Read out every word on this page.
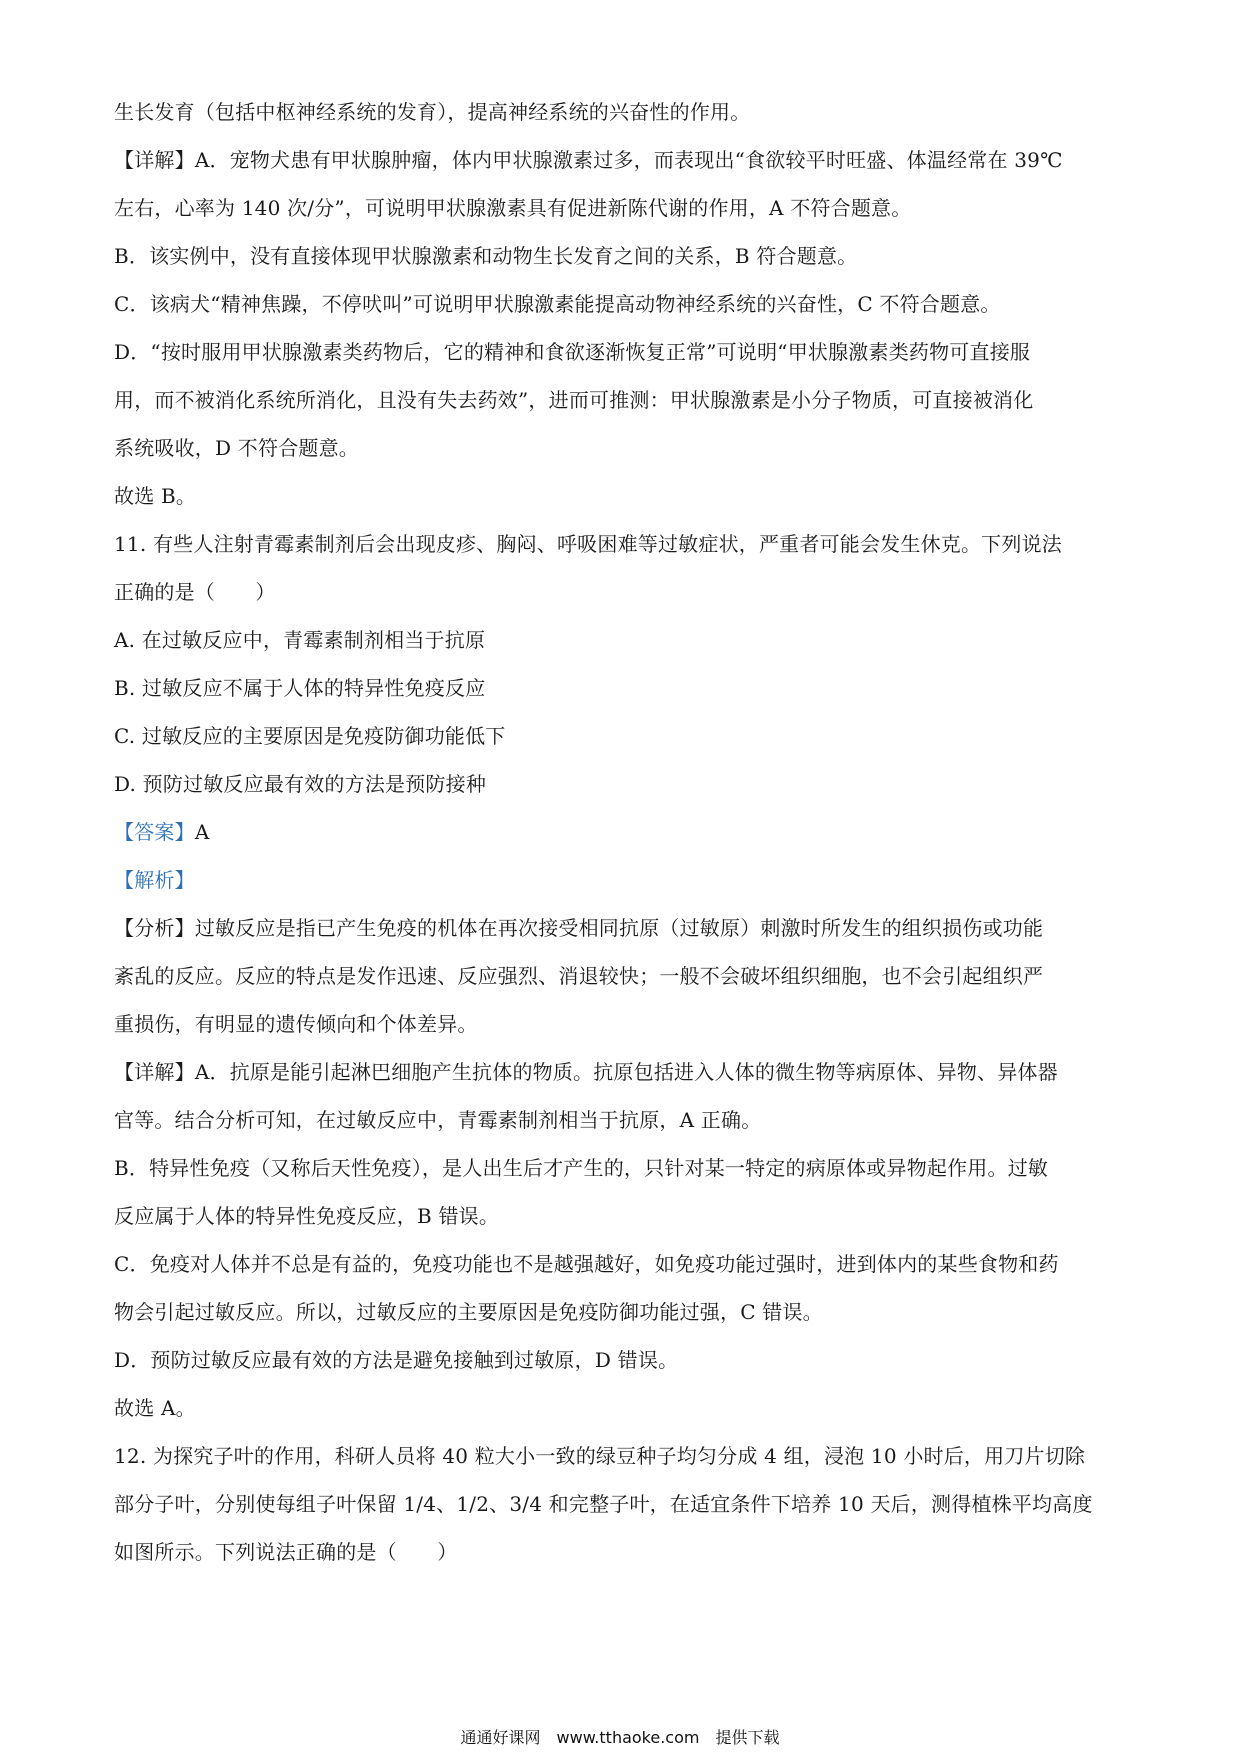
生长发育（包括中枢神经系统的发育），提高神经系统的兴奋性的作用。
【详解】A．宠物犬患有甲状腺肿瘤，体内甲状腺激素过多，而表现出“食欲较平时旺盛、体温经常在 39℃
左右，心率为 140 次/分”，可说明甲状腺激素具有促进新陈代谢的作用，A 不符合题意。
B．该实例中，没有直接体现甲状腺激素和动物生长发育之间的关系，B 符合题意。
C．该病犬“精神焦躁，不停吠叫”可说明甲状腺激素能提高动物神经系统的兴奋性，C 不符合题意。
D．“按时服用甲状腺激素类药物后，它的精神和食欲逐渐恢复正常”可说明“甲状腺激素类药物可直接服
用，而不被消化系统所消化，且没有失去药效”，进而可推测：甲状腺激素是小分子物质，可直接被消化
系统吸收，D 不符合题意。
故选 B。
11. 有些人注射青霉素制剂后会出现皮疹、胸闷、呼吸困难等过敏症状，严重者可能会发生休克。下列说法
正确的是（　　）
A. 在过敏反应中，青霉素制剂相当于抗原
B. 过敏反应不属于人体的特异性免疫反应
C. 过敏反应的主要原因是免疫防御功能低下
D. 预防过敏反应最有效的方法是预防接种
【答案】A
【解析】
【分析】过敏反应是指已产生免疫的机体在再次接受相同抗原（过敏原）刺激时所发生的组织损伤或功能
紊乱的反应。反应的特点是发作迅速、反应强烈、消退较快；一般不会破坏组织细胞，也不会引起组织严
重损伤，有明显的遗传倾向和个体差异。
【详解】A．抗原是能引起淋巴细胞产生抗体的物质。抗原包括进入人体的微生物等病原体、异物、异体器
官等。结合分析可知，在过敏反应中，青霉素制剂相当于抗原，A 正确。
B．特异性免疫（又称后天性免疫），是人出生后才产生的，只针对某一特定的病原体或异物起作用。过敏
反应属于人体的特异性免疫反应，B 错误。
C．免疫对人体并不总是有益的，免疫功能也不是越强越好，如免疫功能过强时，进到体内的某些食物和药
物会引起过敏反应。所以，过敏反应的主要原因是免疫防御功能过强，C 错误。
D．预防过敏反应最有效的方法是避免接触到过敏原，D 错误。
故选 A。
12. 为探究子叶的作用，科研人员将 40 粒大小一致的绿豆种子均匀分成 4 组，浸泡 10 小时后，用刀片切除
部分子叶，分别使每组子叶保留 1/4、1/2、3/4 和完整子叶，在适宜条件下培养 10 天后，测得植株平均高度
如图所示。下列说法正确的是（　　）
通通好课网　www.tthaoke.com　提供下载
